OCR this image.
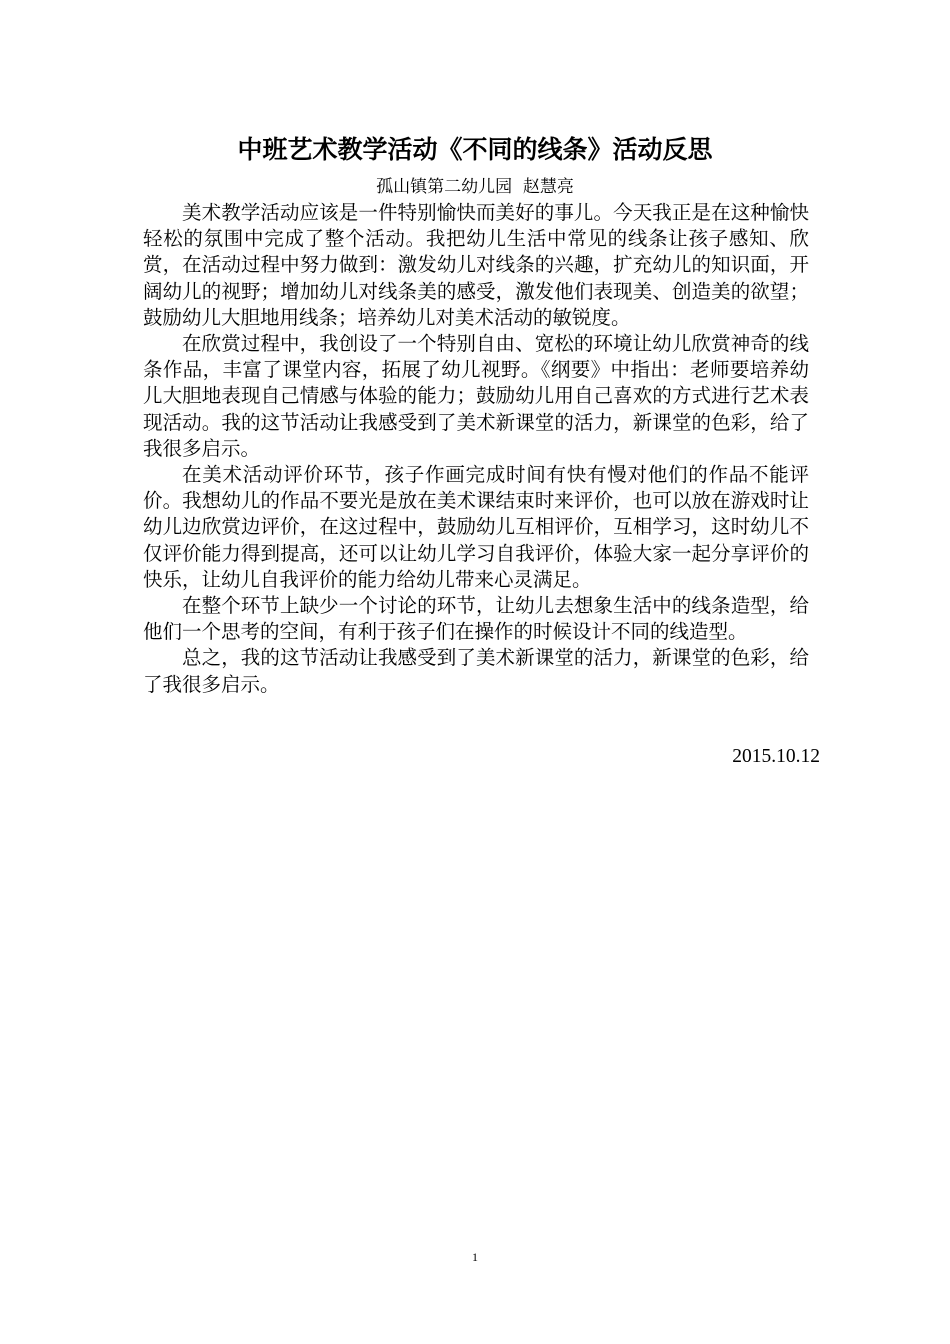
中班艺术教学活动《不同的线条》活动反思
孤山镇第二幼儿园  赵慧亮

美术教学活动应该是一件特别愉快而美好的事儿。今天我正是在这种愉快轻松的氛围中完成了整个活动。我把幼儿生活中常见的线条让孩子感知、欣赏，在活动过程中努力做到：激发幼儿对线条的兴趣，扩充幼儿的知识面，开阔幼儿的视野；增加幼儿对线条美的感受，激发他们表现美、创造美的欲望；鼓励幼儿大胆地用线条；培养幼儿对美术活动的敏锐度。

在欣赏过程中，我创设了一个特别自由、宽松的环境让幼儿欣赏神奇的线条作品，丰富了课堂内容，拓展了幼儿视野。《纲要》中指出：老师要培养幼儿大胆地表现自己情感与体验的能力；鼓励幼儿用自己喜欢的方式进行艺术表现活动。我的这节活动让我感受到了美术新课堂的活力，新课堂的色彩，给了我很多启示。

在美术活动评价环节，孩子作画完成时间有快有慢对他们的作品不能评价。我想幼儿的作品不要光是放在美术课结束时来评价，也可以放在游戏时让幼儿边欣赏边评价，在这过程中，鼓励幼儿互相评价，互相学习，这时幼儿不仅评价能力得到提高，还可以让幼儿学习自我评价，体验大家一起分享评价的快乐，让幼儿自我评价的能力给幼儿带来心灵满足。

在整个环节上缺少一个讨论的环节，让幼儿去想象生活中的线条造型，给他们一个思考的空间，有利于孩子们在操作的时候设计不同的线造型。

总之，我的这节活动让我感受到了美术新课堂的活力，新课堂的色彩，给了我很多启示。

2015.10.12
1
